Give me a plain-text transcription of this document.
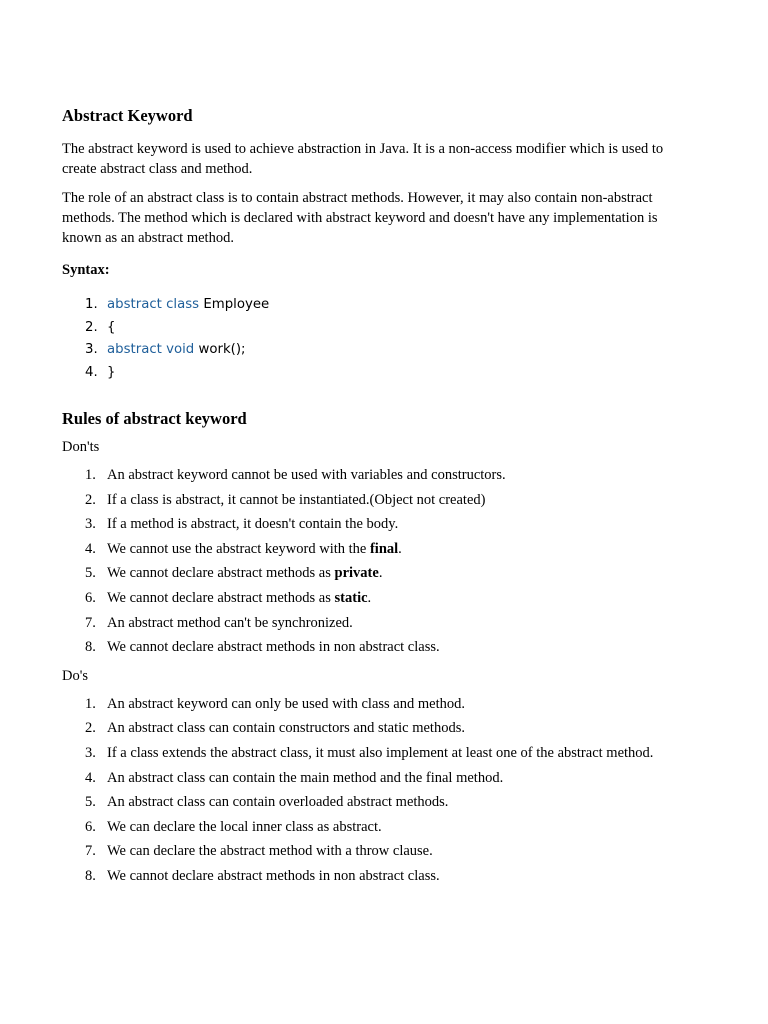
Abstract Keyword

The abstract keyword is used to achieve abstraction in Java. It is a non-access modifier which is used to create abstract class and method.

The role of an abstract class is to contain abstract methods. However, it may also contain non-abstract methods. The method which is declared with abstract keyword and doesn't have any implementation is known as an abstract method.

Syntax:
1. abstract class Employee
2. {
3. abstract void work();
4. }
Rules of abstract keyword
Don'ts
1. An abstract keyword cannot be used with variables and constructors.
2. If a class is abstract, it cannot be instantiated.(Object not created)
3. If a method is abstract, it doesn't contain the body.
4. We cannot use the abstract keyword with the final.
5. We cannot declare abstract methods as private.
6. We cannot declare abstract methods as static.
7. An abstract method can't be synchronized.
8. We cannot declare abstract methods in non abstract class.
Do's
1. An abstract keyword can only be used with class and method.
2. An abstract class can contain constructors and static methods.
3. If a class extends the abstract class, it must also implement at least one of the abstract method.
4. An abstract class can contain the main method and the final method.
5. An abstract class can contain overloaded abstract methods.
6. We can declare the local inner class as abstract.
7. We can declare the abstract method with a throw clause.
8. We cannot declare abstract methods in non abstract class.
